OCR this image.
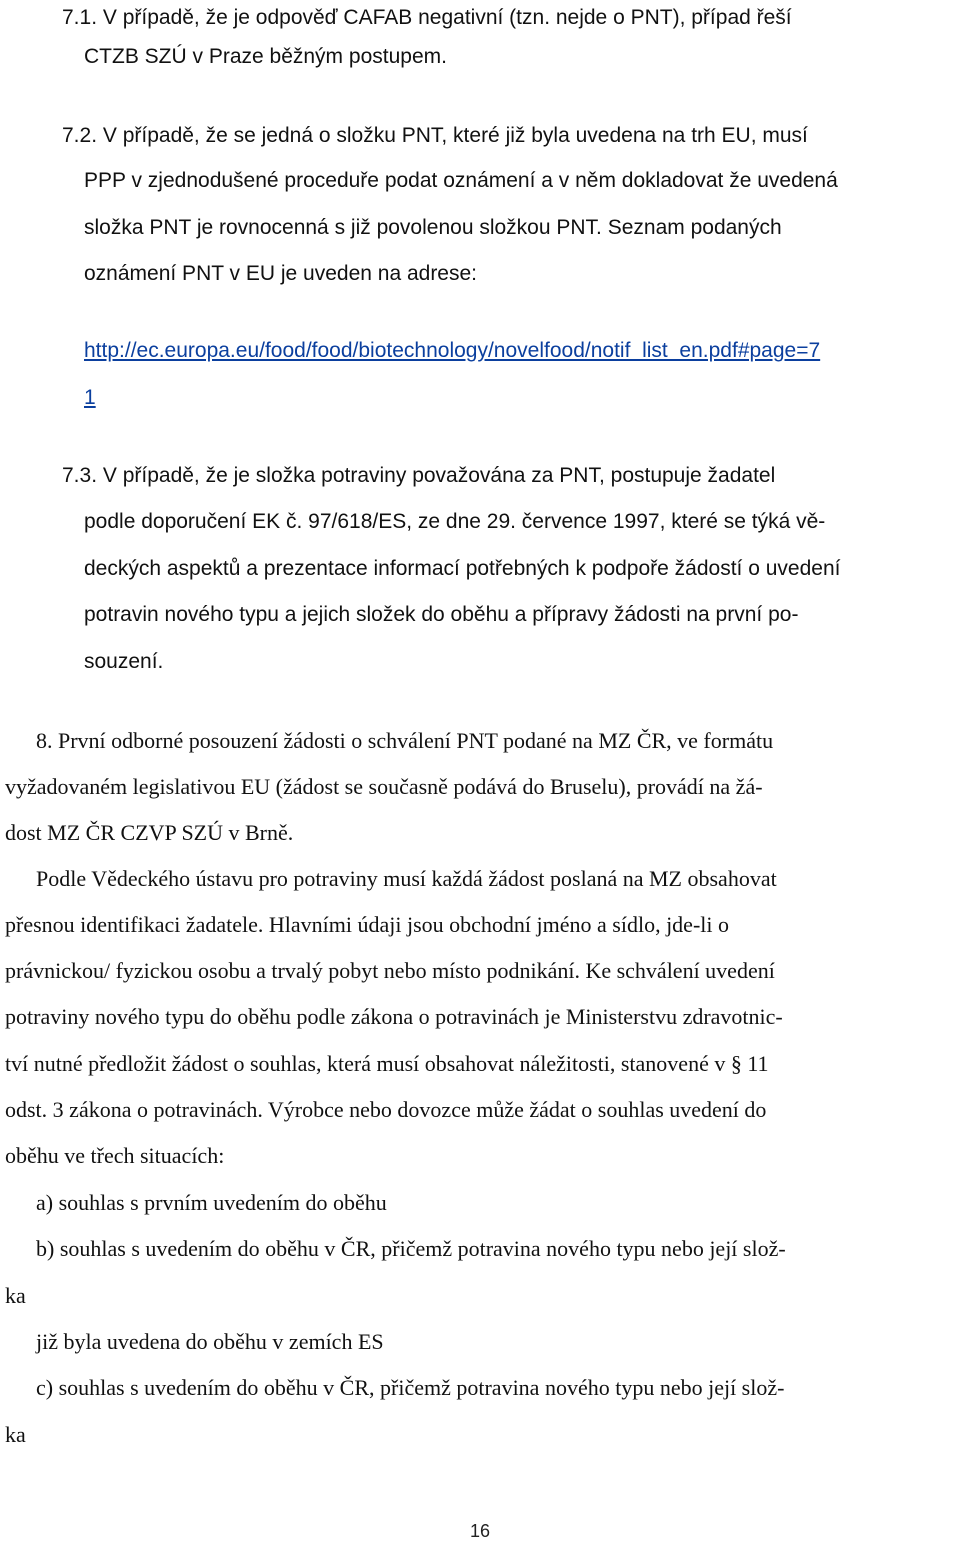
7.1. V případě, že je odpověď CAFAB negativní (tzn. nejde o PNT), případ řeší
CTZB SZÚ v Praze běžným postupem.
7.2. V případě, že se jedná o složku PNT, které již byla uvedena na trh EU, musí
PPP v zjednodušené proceduře podat oznámení a v něm dokladovat že uvedená
složka PNT je rovnocenná s již povolenou složkou PNT. Seznam podaných
oznámení PNT v EU je uveden na adrese:
http://ec.europa.eu/food/food/biotechnology/novelfood/notif_list_en.pdf#page=7
1
7.3. V případě, že je složka potraviny považována za PNT, postupuje žadatel
podle doporučení EK č. 97/618/ES, ze dne 29. července 1997, které se týká vě-
deckých aspektů a prezentace informací potřebných k podpoře žádostí o uvedení
potravin nového typu a jejich složek do oběhu a přípravy žádosti na první po-
souzení.
8. První odborné posouzení žádosti o schválení PNT podané na MZ ČR, ve formátu
vyžadovaném legislativou EU (žádost se současně podává do Bruselu), provádí na žá-
dost MZ ČR CZVP SZÚ v Brně.
Podle Vědeckého ústavu pro potraviny musí každá žádost poslaná na MZ obsahovat
přesnou identifikaci žadatele. Hlavními údaji jsou obchodní jméno a sídlo, jde-li o
právnickou/ fyzickou osobu a trvalý pobyt nebo místo podnikání. Ke schválení uvedení
potraviny nového typu do oběhu podle zákona o potravinách je Ministerstvu zdravotnic-
tví nutné předložit žádost o souhlas, která musí obsahovat náležitosti, stanovené v § 11
odst. 3 zákona o potravinách. Výrobce nebo dovozce může žádat o souhlas uvedení do
oběhu ve třech situacích:
a) souhlas s prvním uvedením do oběhu
b) souhlas s uvedením do oběhu v ČR, přičemž potravina nového typu nebo její slož-
ka
již byla uvedena do oběhu v zemích ES
c) souhlas s uvedením do oběhu v ČR, přičemž potravina nového typu nebo její slož-
ka
16
